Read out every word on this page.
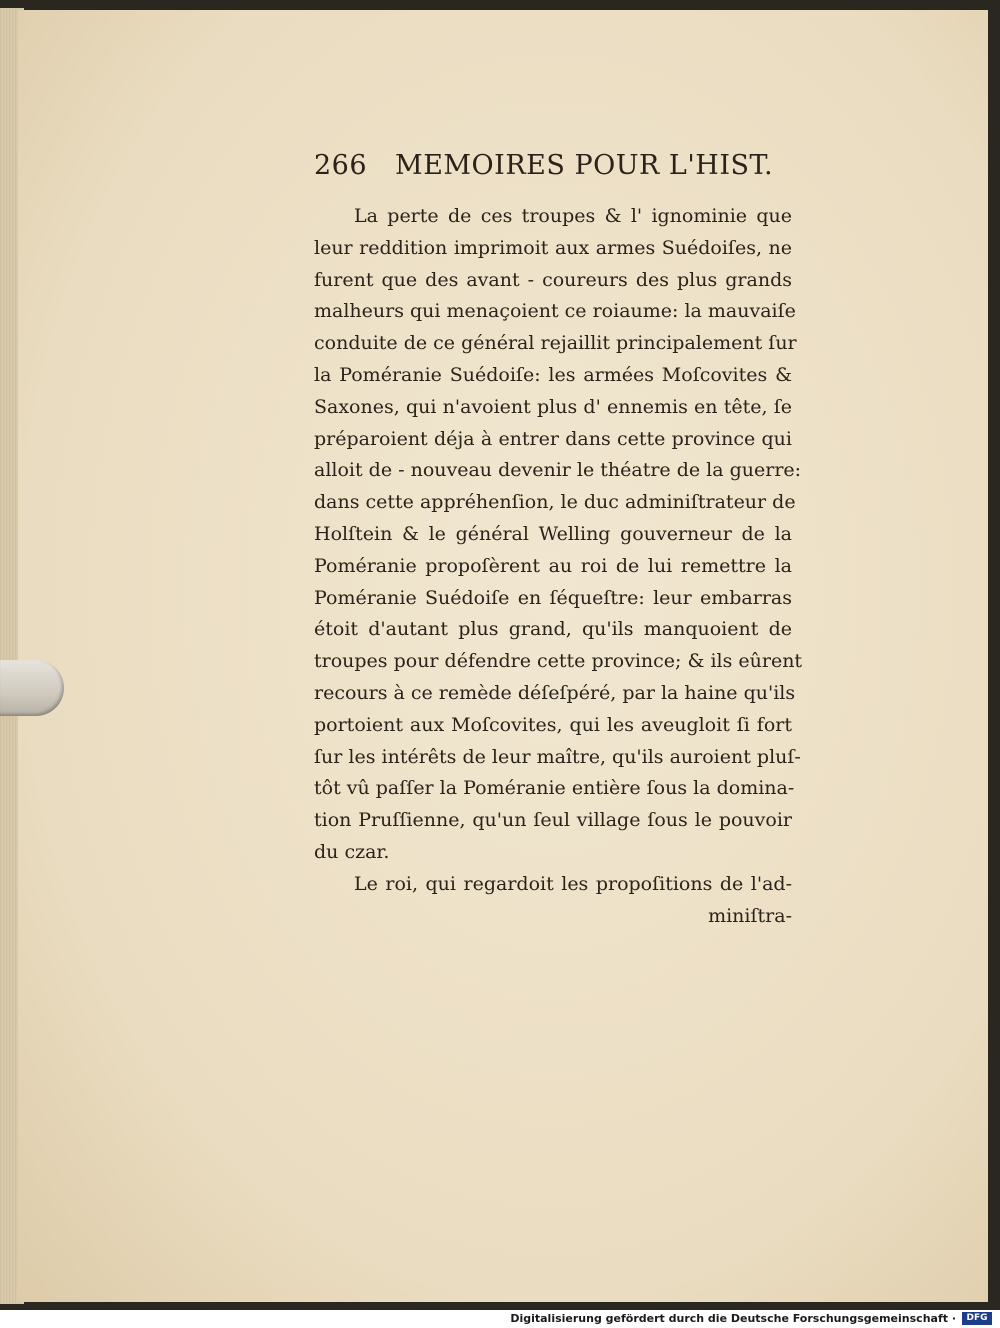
266 MEMOIRES POUR L'HIST.
La perte de ces troupes & l' ignominie que
leur reddition imprimoit aux armes Suédoiſes, ne
furent que des avant - coureurs des plus grands
malheurs qui menaçoient ce roiaume: la mauvaiſe
conduite de ce général rejaillit principalement ſur
la Poméranie Suédoiſe: les armées Moſcovites &
Saxones, qui n'avoient plus d' ennemis en tête, ſe
préparoient déja à entrer dans cette province qui
alloit de - nouveau devenir le théatre de la guerre:
dans cette appréhenſion, le duc adminiſtrateur de
Holſtein & le général Welling gouverneur de la
Poméranie propoſèrent au roi de lui remettre la
Poméranie Suédoiſe en ſéqueſtre: leur embarras
étoit d'autant plus grand, qu'ils manquoient de
troupes pour défendre cette province; & ils eûrent
recours à ce remède déſeſpéré, par la haine qu'ils
portoient aux Moſcovites, qui les aveugloit ſi fort
ſur les intérêts de leur maître, qu'ils auroient pluſ-
tôt vû paſſer la Poméranie entière ſous la domina-
tion Pruſſienne, qu'un ſeul village ſous le pouvoir
du czar.
Le roi, qui regardoit les propoſitions de l'ad-
miniſtra-
Digitalisierung gefördert durch die Deutsche Forschungsgemeinschaft ·	DFG
